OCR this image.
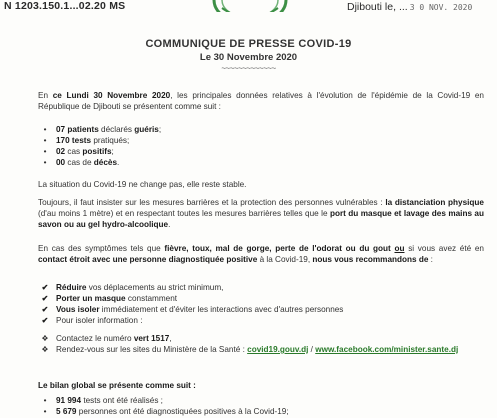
N 1203.150.1...02.20 MS	Djibouti le, ... 3 0 NOV. 2020
COMMUNIQUE DE PRESSE COVID-19
Le 30 Novembre 2020
~~~~~~~~~~~~~
En ce Lundi 30 Novembre 2020, les principales données relatives à l'évolution de l'épidémie de la Covid-19 en République de Djibouti se présentent comme suit :
•	07 patients déclarés guéris;
•	170 tests pratiqués;
•	02 cas positifs;
•	00 cas de décès.
La situation du Covid-19 ne change pas, elle reste stable.
Toujours, il faut insister sur les mesures barrières et la protection des personnes vulnérables : la distanciation physique (d'au moins 1 mètre) et en respectant toutes les mesures barrières telles que le port du masque et lavage des mains au savon ou au gel hydro-alcoolique.
En cas des symptômes tels que fièvre, toux, mal de gorge, perte de l'odorat ou du gout ou si vous avez été en contact étroit avec une personne diagnostiquée positive à la Covid-19, nous vous recommandons de :
✔ Réduire vos déplacements au strict minimum,
✔ Porter un masque constamment
✔ Vous isoler immédiatement et d'éviter les interactions avec d'autres personnes
✔ Pour isoler information :
❖ Contactez le numéro vert 1517,
❖ Rendez-vous sur les sites du Ministère de la Santé : covid19.gouv.dj / www.facebook.com/minister.sante.dj
Le bilan global se présente comme suit :
•	91 994 tests ont été réalisés ;
•	5 679 personnes ont été diagnostiquées positives à la Covid-19;
